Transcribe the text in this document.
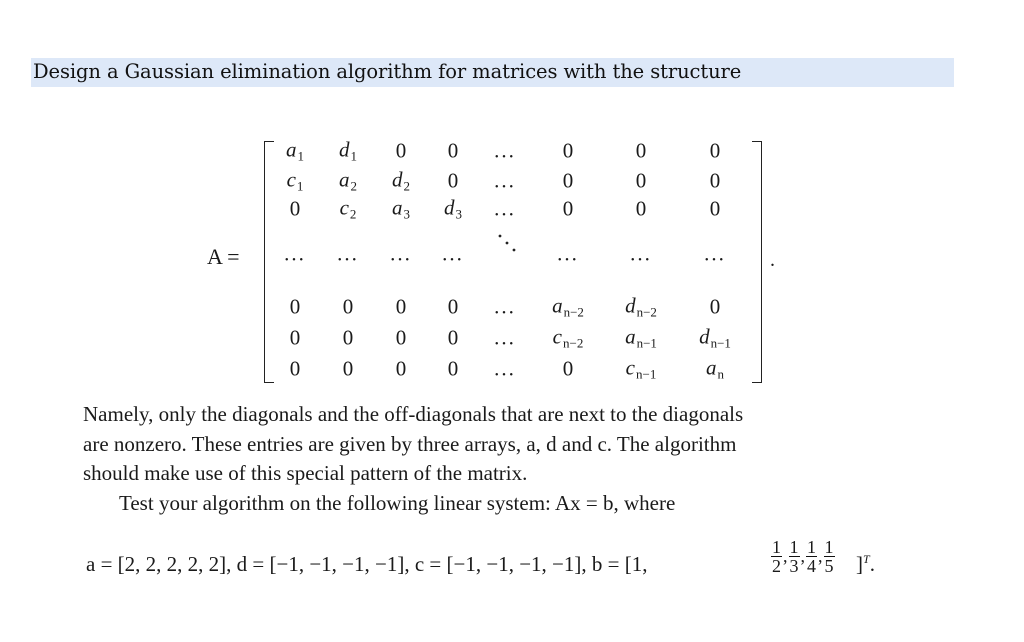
Design a Gaussian elimination algorithm for matrices with the structure
A =
$a_1$ $d_1$ 0 0 ... 0	0	0
$c_1$ $a_2$ $d_2$ 0 ... 0	0	0
0 $c_2$ $a_3$ $d_3$ ... 0	0	0
... ... ... ...	... ... ...
0 0 0 0 ... $a_{n-2}$ $d_{n-2}$	0
0 0 0 0 ... $c_{n-2}$ $a_{n-1}$ $d_{n-1}$
0 0 0 0 ... 0 $c_{n-1}$ $a_n$
.

Namely, only the diagonals and the off-diagonals that are next to the diagonals

are nonzero. These entries are given by three arrays, a, d and c. The algorithm

should make use of this special pattern of the matrix.

Test your algorithm on the following linear system: Ax = b, where

a = [2, 2, 2, 2, 2], d = [−1, −1, −1, −1], c = [−1, −1, −1, −1], b = [1,	$\frac{1}{2}$ , $\frac{1}{3}$ , $\frac{1}{4}$ , $\frac{1}{5} ]^T$.
